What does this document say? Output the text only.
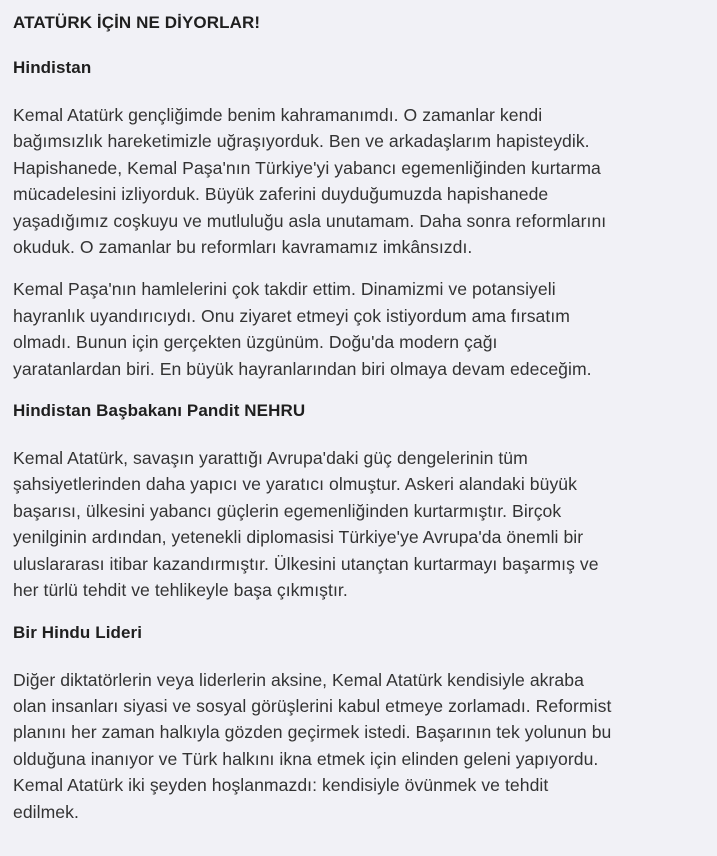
ATATÜRK İÇİN NE DİYORLAR!
Hindistan

Kemal Atatürk gençliğimde benim kahramanımdı. O zamanlar kendi
bağımsızlık hareketimizle uğraşıyorduk. Ben ve arkadaşlarım hapisteydik.
Hapishanede, Kemal Paşa'nın Türkiye'yi yabancı egemenliğinden kurtarma
mücadelesini izliyorduk. Büyük zaferini duyduğumuzda hapishanede
yaşadığımız coşkuyu ve mutluluğu asla unutamam. Daha sonra reformlarını
okuduk. O zamanlar bu reformları kavramamız imkânsızdı.

Kemal Paşa'nın hamlelerini çok takdir ettim. Dinamizmi ve potansiyeli
hayranlık uyandırıcıydı. Onu ziyaret etmeyi çok istiyordum ama fırsatım
olmadı. Bunun için gerçekten üzgünüm. Doğu'da modern çağı
yaratanlardan biri. En büyük hayranlarından biri olmaya devam edeceğim.

Hindistan Başbakanı Pandit NEHRU

Kemal Atatürk, savaşın yarattığı Avrupa'daki güç dengelerinin tüm
şahsiyetlerinden daha yapıcı ve yaratıcı olmuştur. Askeri alandaki büyük
başarısı, ülkesini yabancı güçlerin egemenliğinden kurtarmıştır. Birçok
yenilginin ardından, yetenekli diplomasisi Türkiye'ye Avrupa'da önemli bir
uluslararası itibar kazandırmıştır. Ülkesini utançtan kurtarmayı başarmış ve
her türlü tehdit ve tehlikeyle başa çıkmıştır.

Bir Hindu Lideri

Diğer diktatörlerin veya liderlerin aksine, Kemal Atatürk kendisiyle akraba
olan insanları siyasi ve sosyal görüşlerini kabul etmeye zorlamadı. Reformist
planını her zaman halkıyla gözden geçirmek istedi. Başarının tek yolunun bu
olduğuna inanıyor ve Türk halkını ikna etmek için elinden geleni yapıyordu.
Kemal Atatürk iki şeyden hoşlanmazdı: kendisiyle övünmek ve tehdit
edilmek.
